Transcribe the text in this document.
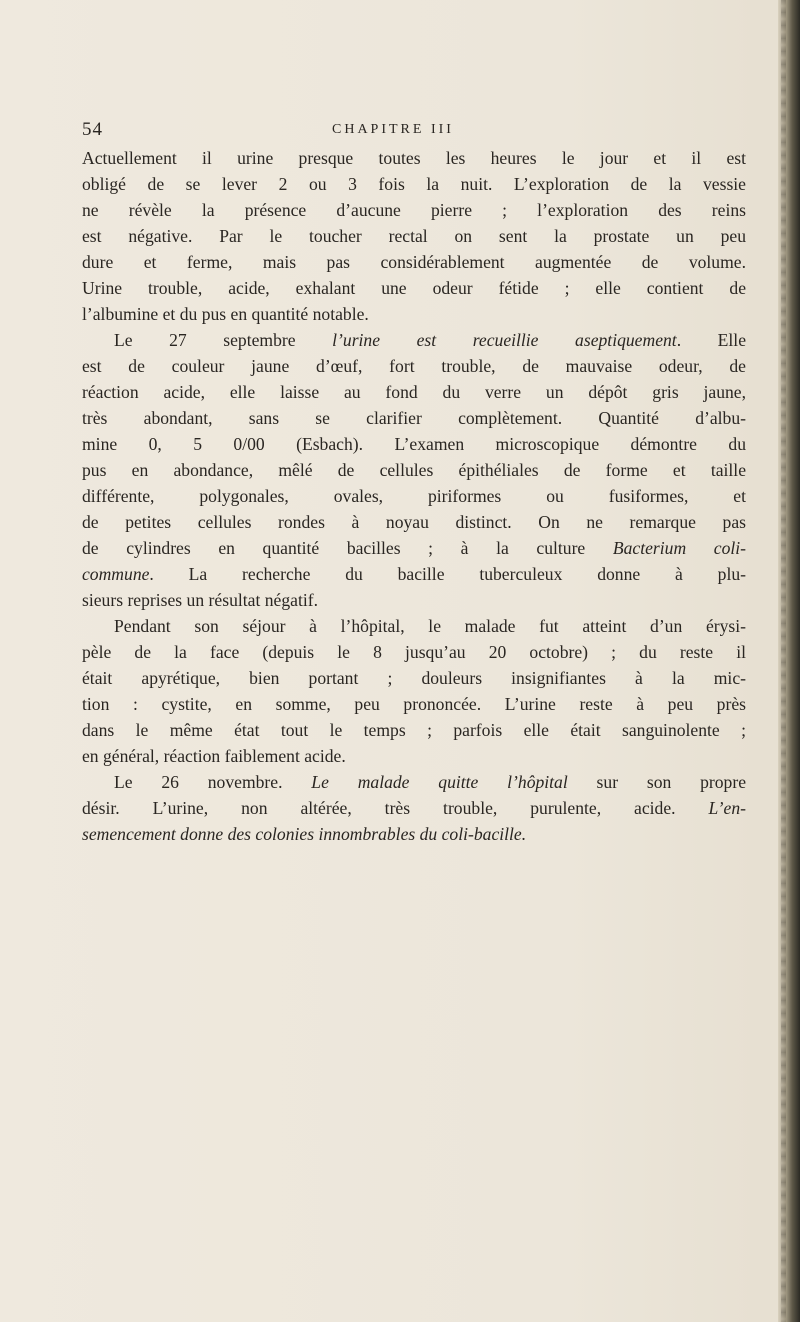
54	CHAPITRE III
Actuellement il urine presque toutes les heures le jour et il est
obligé de se lever 2 ou 3 fois la nuit. L’exploration de la vessie
ne révèle la présence d’aucune pierre ; l’exploration des reins
est négative. Par le toucher rectal on sent la prostate un peu
dure et ferme, mais pas considérablement augmentée de volume.
Urine trouble, acide, exhalant une odeur fétide ; elle contient de
l’albumine et du pus en quantité notable.
Le 27 septembre l’urine est recueillie aseptiquement. Elle
est de couleur jaune d’œuf, fort trouble, de mauvaise odeur, de
réaction acide, elle laisse au fond du verre un dépôt gris jaune,
très abondant, sans se clarifier complètement. Quantité d’albu-
mine 0, 5 0/00 (Esbach). L’examen microscopique démontre du
pus en abondance, mêlé de cellules épithéliales de forme et taille
différente, polygonales, ovales, piriformes ou fusiformes, et
de petites cellules rondes à noyau distinct. On ne remarque pas
de cylindres en quantité bacilles ; à la culture Bacterium coli-
commune. La recherche du bacille tuberculeux donne à plu-
sieurs reprises un résultat négatif.
Pendant son séjour à l’hôpital, le malade fut atteint d’un érysi-
pèle de la face (depuis le 8 jusqu’au 20 octobre) ; du reste il
était apyrétique, bien portant ; douleurs insignifiantes à la mic-
tion : cystite, en somme, peu prononcée. L’urine reste à peu près
dans le même état tout le temps ; parfois elle était sanguinolente ;
en général, réaction faiblement acide.
Le 26 novembre. Le malade quitte l’hôpital sur son propre
désir. L’urine, non altérée, très trouble, purulente, acide. L’en-
semencement donne des colonies innombrables du coli-bacille.
